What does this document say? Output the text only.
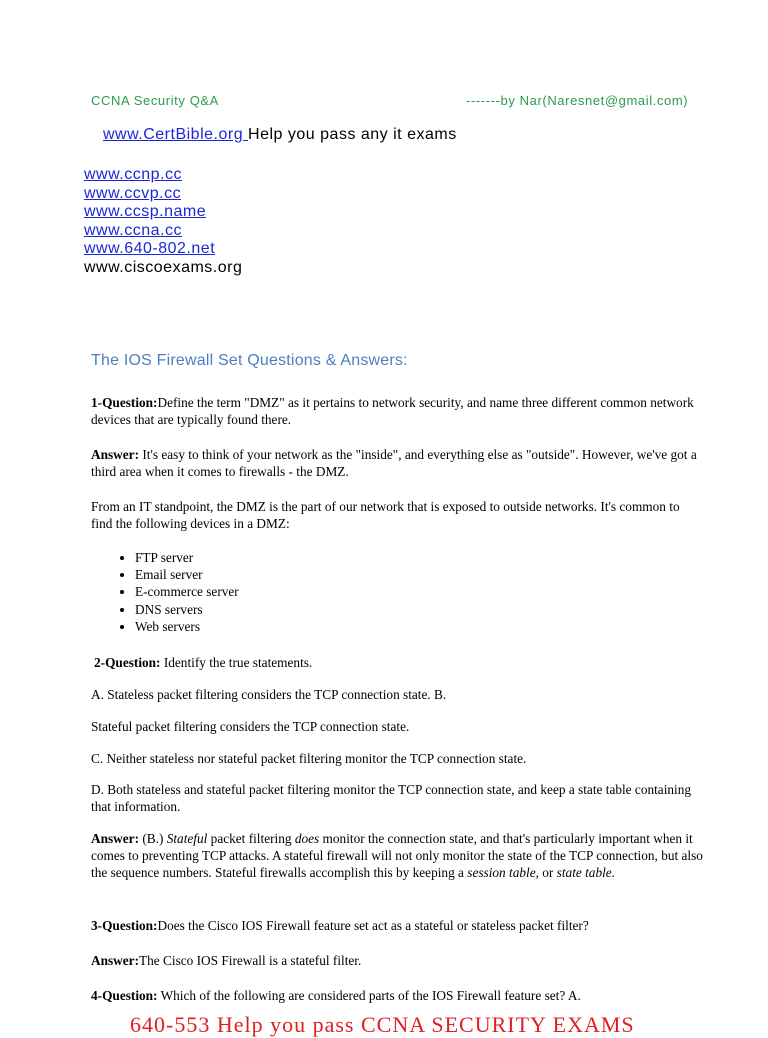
CCNA Security Q&A	-------by Nar(Naresnet@gmail.com)
www.CertBible.org Help you pass any it exams
www.ccnp.cc
www.ccvp.cc
www.ccsp.name
www.ccna.cc
www.640-802.net
www.ciscoexams.org
The IOS Firewall Set Questions & Answers:
1-Question:Define the term "DMZ" as it pertains to network security, and name three different common network devices that are typically found there.
Answer: It's easy to think of your network as the "inside", and everything else as "outside". However, we've got a third area when it comes to firewalls - the DMZ.
From an IT standpoint, the DMZ is the part of our network that is exposed to outside networks. It's common to find the following devices in a DMZ:
• FTP server
• Email server
• E-commerce server
• DNS servers
• Web servers
2-Question: Identify the true statements.
A. Stateless packet filtering considers the TCP connection state. B.
Stateful packet filtering considers the TCP connection state.
C. Neither stateless nor stateful packet filtering monitor the TCP connection state.
D. Both stateless and stateful packet filtering monitor the TCP connection state, and keep a state table containing that information.
Answer: (B.) Stateful packet filtering does monitor the connection state, and that's particularly important when it comes to preventing TCP attacks. A stateful firewall will not only monitor the state of the TCP connection, but also the sequence numbers. Stateful firewalls accomplish this by keeping a session table, or state table.
3-Question:Does the Cisco IOS Firewall feature set act as a stateful or stateless packet filter?
Answer:The Cisco IOS Firewall is a stateful filter.
4-Question: Which of the following are considered parts of the IOS Firewall feature set? A.
640-553 Help you pass CCNA SECURITY EXAMS
